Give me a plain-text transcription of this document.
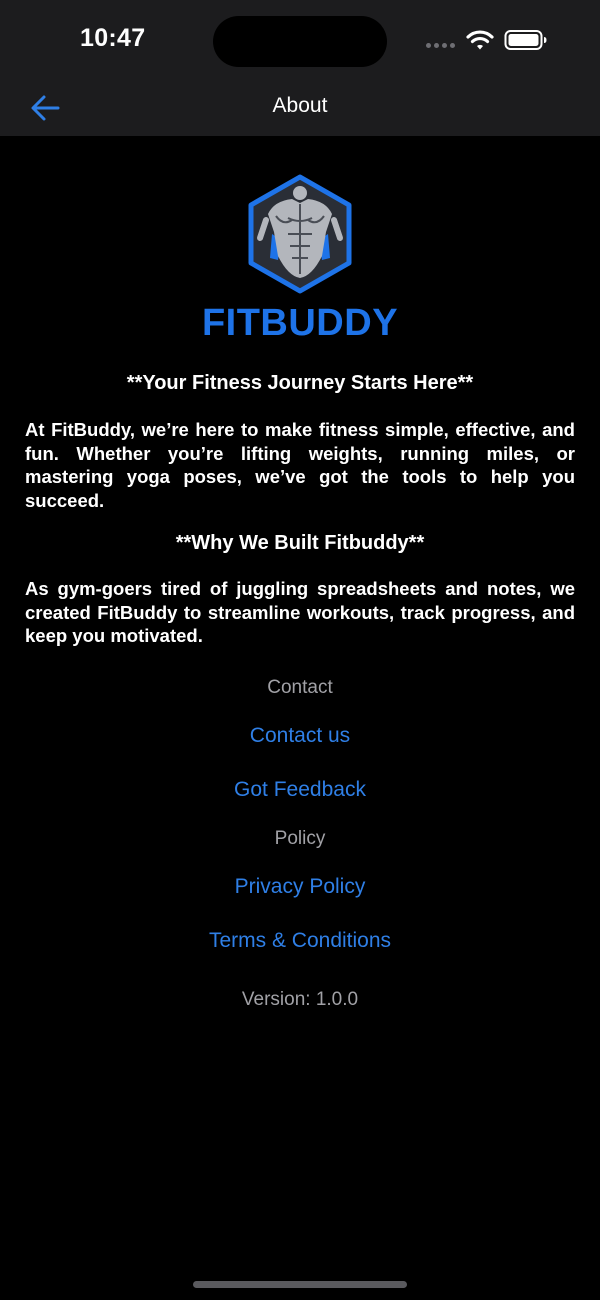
10:47
About
FITBUDDY
**Your Fitness Journey Starts Here**
At FitBuddy, we’re here to make fitness simple, effective, and fun. Whether you’re lifting weights, running miles, or mastering yoga poses, we’ve got the tools to help you succeed.
**Why We Built Fitbuddy**
As gym-goers tired of juggling spreadsheets and notes, we created FitBuddy to streamline workouts, track progress, and keep you motivated.
Contact
Contact us
Got Feedback
Policy
Privacy Policy
Terms & Conditions
Version: 1.0.0
